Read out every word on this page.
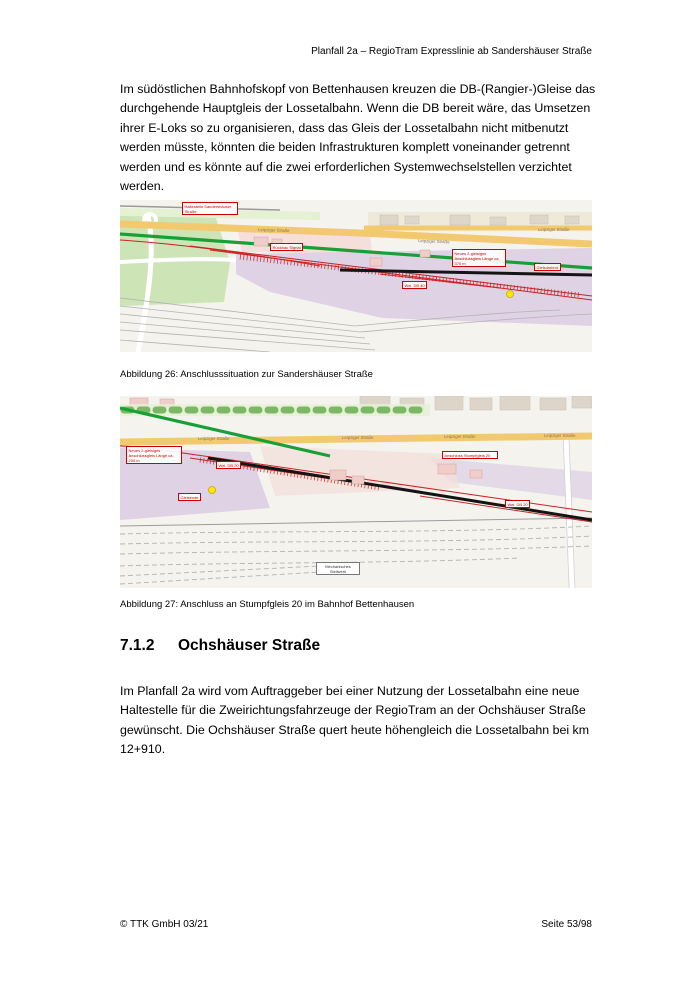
Planfall 2a – RegioTram Expresslinie ab Sandershäuser Straße

Im südöstlichen Bahnhofskopf von Bettenhausen kreuzen die DB-(Rangier-)Gleise das durchgehende Hauptgleis der Lossetalbahn. Wenn die DB bereit wäre, das Umsetzen ihrer E-Loks so zu organisieren, dass das Gleis der Lossetalbahn nicht mitbenutzt werden müsste, könnten die beiden Infrastrukturen komplett voneinander getrennt werden und es könnte auf die zwei erforderlichen Systemwechselstellen verzichtet werden.

Leipziger Straße
Leipziger Straße
Leipziger Straße
Haltestelle Sandershäuser Straße
Rückbau Signal
Neues 2-gleisiges Anschlussgleis Länge ca. 370 m
Gleisdreieck
Wei. DB 40
Abbildung 26: Anschlusssituation zur Sandershäuser Straße
Leipziger Straße	Leipziger Straße	Leipziger Straße	Leipziger Straße
Neues 2-gleisiges Anschlussgleis Länge ca. 200 m
Wei. DB 20
Anschluss Stumpfgleis 20
Gleisende
Wei. DB 20
Mechanisches Stellwerk
Abbildung 27: Anschluss an Stumpfgleis 20 im Bahnhof Bettenhausen
7.1.2	Ochshäuser Straße

Im Planfall 2a wird vom Auftraggeber bei einer Nutzung der Lossetalbahn eine neue Haltestelle für die Zweirichtungsfahrzeuge der RegioTram an der Ochshäuser Straße gewünscht. Die Ochshäuser Straße quert heute höhengleich die Lossetalbahn bei km 12+910.

© TTK GmbH 03/21	Seite 53/98
